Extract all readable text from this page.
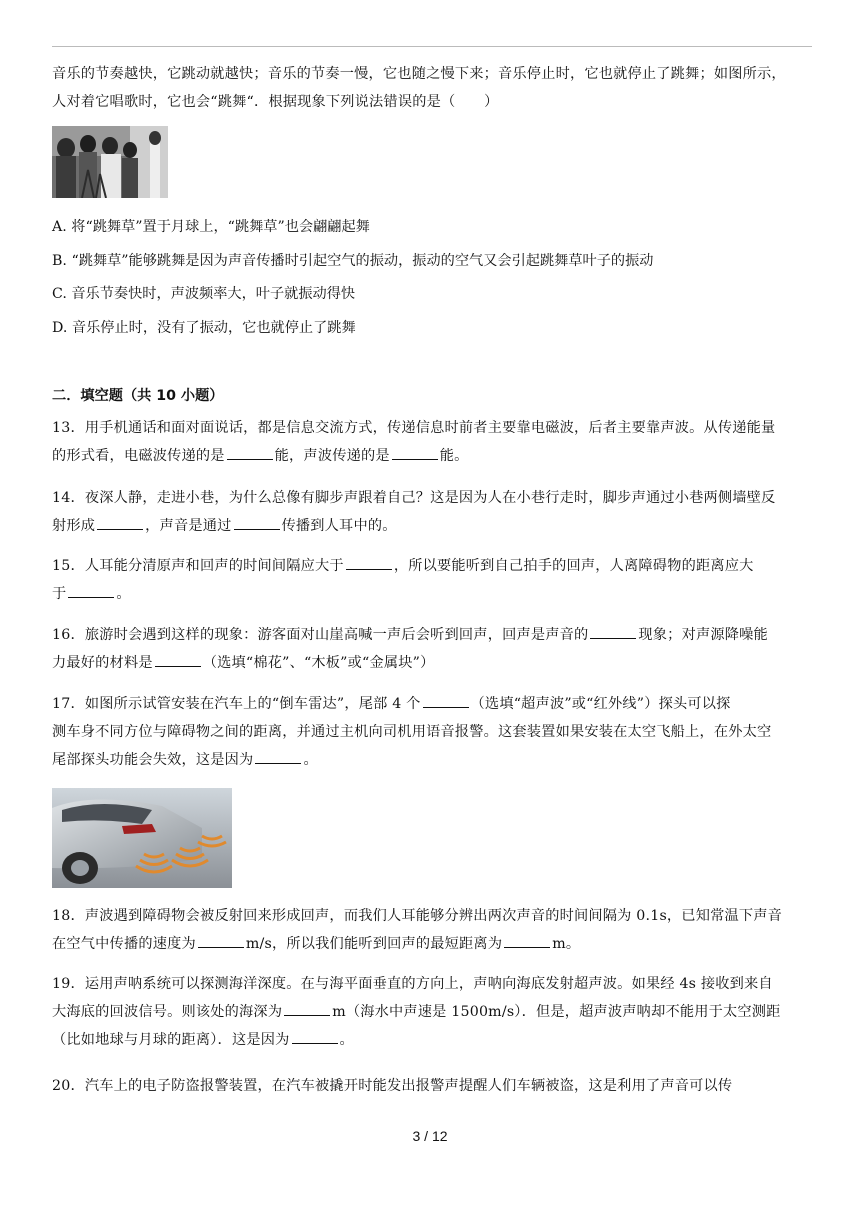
音乐的节奏越快，它跳动就越快；音乐的节奏一慢，它也随之慢下来；音乐停止时，它也就停止了跳舞；如图所示，
人对着它唱歌时，它也会“跳舞“．根据现象下列说法错误的是（　　）
A. 将“跳舞草”置于月球上，“跳舞草”也会翩翩起舞
B. “跳舞草”能够跳舞是因为声音传播时引起空气的振动，振动的空气又会引起跳舞草叶子的振动
C. 音乐节奏快时，声波频率大，叶子就振动得快
D. 音乐停止时，没有了振动，它也就停止了跳舞
二．填空题（共 10 小题）
13．用手机通话和面对面说话，都是信息交流方式，传递信息时前者主要靠电磁波，后者主要靠声波。从传递能量
的形式看，电磁波传递的是	能，声波传递的是	能。
14．夜深人静，走进小巷，为什么总像有脚步声跟着自己？这是因为人在小巷行走时，脚步声通过小巷两侧墙壁反
射形成	，声音是通过	传播到人耳中的。
15．人耳能分清原声和回声的时间间隔应大于	，所以要能听到自己拍手的回声，人离障碍物的距离应大
于	。
16．旅游时会遇到这样的现象：游客面对山崖高喊一声后会听到回声，回声是声音的	现象；对声源降噪能
力最好的材料是	（选填“棉花”、“木板”或“金属块”）
17．如图所示试管安装在汽车上的“倒车雷达”，尾部 4 个	（选填“超声波”或“红外线”）探头可以探
测车身不同方位与障碍物之间的距离，并通过主机向司机用语音报警。这套装置如果安装在太空飞船上，在外太空
尾部探头功能会失效，这是因为	。
18．声波遇到障碍物会被反射回来形成回声，而我们人耳能够分辨出两次声音的时间间隔为 0.1s，已知常温下声音
在空气中传播的速度为	m/s，所以我们能听到回声的最短距离为	m。
19．运用声呐系统可以探测海洋深度。在与海平面垂直的方向上，声呐向海底发射超声波。如果经 4s 接收到来自
大海底的回波信号。则该处的海深为	m（海水中声速是 1500m/s）．但是，超声波声呐却不能用于太空测距
（比如地球与月球的距离）．这是因为	。
20．汽车上的电子防盗报警装置，在汽车被撬开时能发出报警声提醒人们车辆被盗，这是利用了声音可以传
3 / 12
